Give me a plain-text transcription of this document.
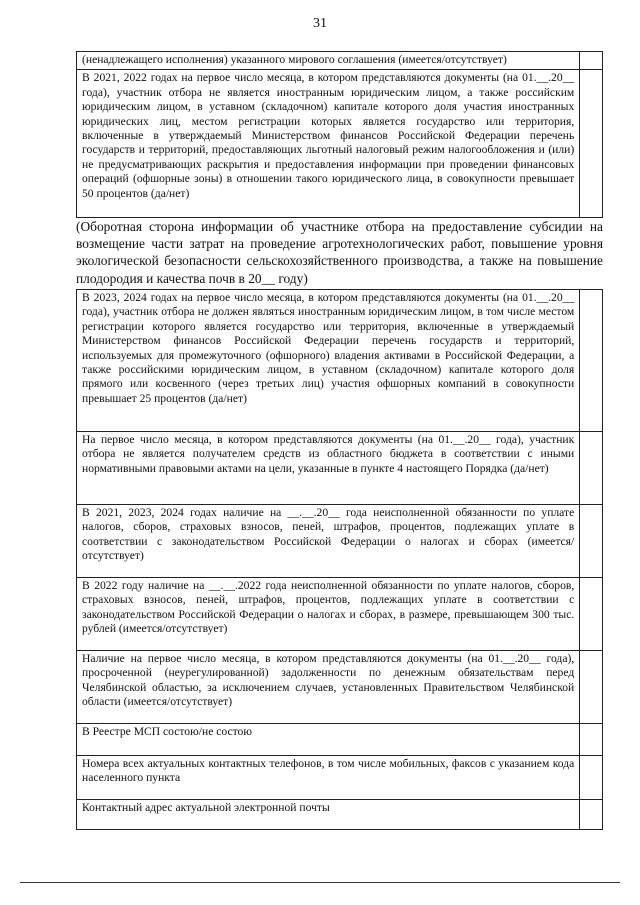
31
(ненадлежащего исполнения) указанного мирового соглашения (имеется/отсутствует)	
В 2021, 2022 годах на первое число месяца, в котором представляются документы (на 01.__.20__ года), участник отбора не является иностранным юридическим лицом, а также российским юридическим лицом, в уставном (складочном) капитале которого доля участия иностранных юридических лиц, местом регистрации которых является государство или территория, включенные в утверждаемый Министерством финансов Российской Федерации перечень государств и территорий, предоставляющих льготный налоговый режим налогообложения и (или) не предусматривающих раскрытия и предоставления информации при проведении финансовых операций (офшорные зоны) в отношении такого юридического лица, в совокупности превышает 50 процентов (да/нет)	
(Оборотная сторона информации об участнике отбора на предоставление субсидии на возмещение части затрат на проведение агротехнологических работ, повышение уровня экологической безопасности сельскохозяйственного производства, а также на повышение плодородия и качества почв в 20__ году)
В 2023, 2024 годах на первое число месяца, в котором представляются документы (на 01.__.20__ года), участник отбора не должен являться иностранным юридическим лицом, в том числе местом регистрации которого является государство или территория, включенные в утверждаемый Министерством финансов Российской Федерации перечень государств и территорий, используемых для промежуточного (офшорного) владения активами в Российской Федерации, а также российскими юридическим лицом, в уставном (складочном) капитале которого доля прямого или косвенного (через третьих лиц) участия офшорных компаний в совокупности превышает 25 процентов (да/нет)	
На первое число месяца, в котором представляются документы (на 01.__.20__ года), участник отбора не является получателем средств из областного бюджета в соответствии с иными нормативными правовыми актами на цели, указанные в пункте 4 настоящего Порядка (да/нет)	
В 2021, 2023, 2024 годах наличие на __.__.20__ года неисполненной обязанности по уплате налогов, сборов, страховых взносов, пеней, штрафов, процентов, подлежащих уплате в соответствии с законодательством Российской Федерации о налогах и сборах (имеется/отсутствует)	
В 2022 году наличие на __.__.2022 года неисполненной обязанности по уплате налогов, сборов, страховых взносов, пеней, штрафов, процентов, подлежащих уплате в соответствии с законодательством Российской Федерации о налогах и сборах, в размере, превышающем 300 тыс. рублей (имеется/отсутствует)	
Наличие на первое число месяца, в котором представляются документы (на 01.__.20__ года), просроченной (неурегулированной) задолженности по денежным обязательствам перед Челябинской областью, за исключением случаев, установленных Правительством Челябинской области (имеется/отсутствует)	
В Реестре МСП состою/не состою	
Номера всех актуальных контактных телефонов, в том числе мобильных, факсов с указанием кода населенного пункта	
Контактный адрес актуальной электронной почты	
